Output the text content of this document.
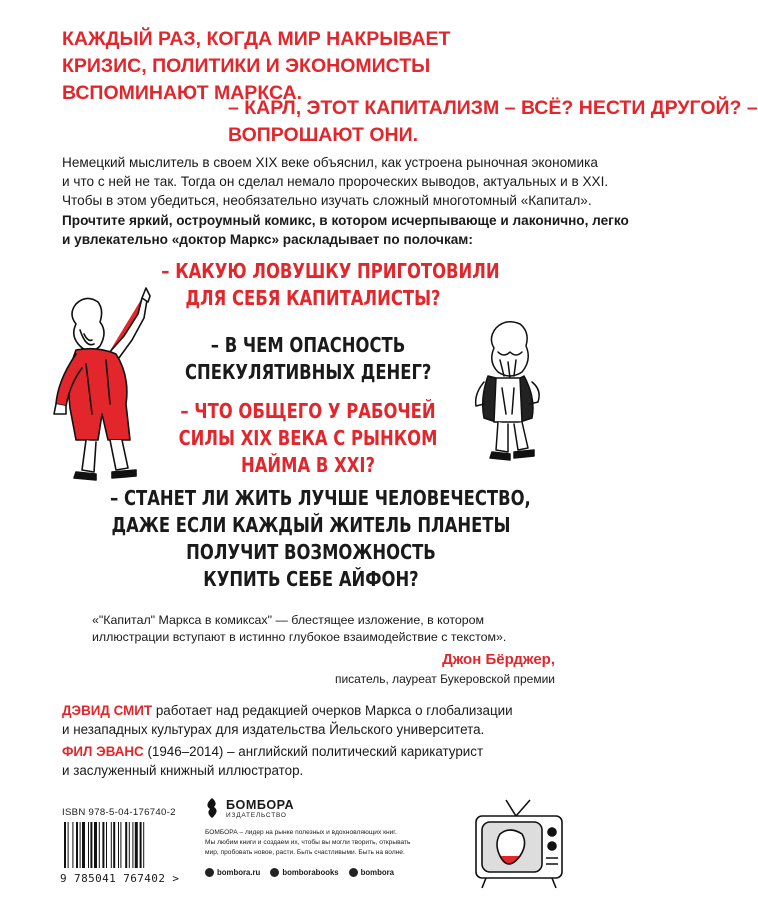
КАЖДЫЙ РАЗ, КОГДА МИР НАКРЫВАЕТ
КРИЗИС, ПОЛИТИКИ И ЭКОНОМИСТЫ
ВСПОМИНАЮТ МАРКСА.
– КАРЛ, ЭТОТ КАПИТАЛИЗМ – ВСЁ? НЕСТИ ДРУГОЙ? –
ВОПРОШАЮТ ОНИ.
Немецкий мыслитель в своем XIX веке объяснил, как устроена рыночная экономика
и что с ней не так. Тогда он сделал немало пророческих выводов, актуальных и в XXI.
Чтобы в этом убедиться, необязательно изучать сложный многотомный «Капитал».
Прочтите яркий, остроумный комикс, в котором исчерпывающе и лаконично, легко
и увлекательно «доктор Маркс» раскладывает по полочкам:
– КАКУЮ ЛОВУШКУ ПРИГОТОВИЛИ
ДЛЯ СЕБЯ КАПИТАЛИСТЫ?
– В ЧЕМ ОПАСНОСТЬ
СПЕКУЛЯТИВНЫХ ДЕНЕГ?
– ЧТО ОБЩЕГО У РАБОЧЕЙ
СИЛЫ XIX ВЕКА С РЫНКОМ
НАЙМА В XXI?
– СТАНЕТ ЛИ ЖИТЬ ЛУЧШЕ ЧЕЛОВЕЧЕСТВО,
ДАЖЕ ЕСЛИ КАЖДЫЙ ЖИТЕЛЬ ПЛАНЕТЫ
ПОЛУЧИТ ВОЗМОЖНОСТЬ
КУПИТЬ СЕБЕ АЙФОН?
«"Капитал" Маркса в комиксах" — блестящее изложение, в котором
иллюстрации вступают в истинно глубокое взаимодействие с текстом».
Джон Бёрджер,
писатель, лауреат Букеровской премии
ДЭВИД СМИТ работает над редакцией очерков Маркса о глобализации
и незападных культурах для издательства Йельского университета.
ФИЛ ЭВАНС (1946–2014) – английский политический карикатурист
и заслуженный книжный иллюстратор.
ISBN 978-5-04-176740-2
9 785041 767402 >
БОМБОРА
ИЗДАТЕЛЬСТВО
БОМБОРА – лидер на рынке полезных и вдохновляющих книг.
Мы любим книги и создаем их, чтобы вы могли творить, открывать
мир, пробовать новое, расти. Быть счастливыми. Быть на волне.
bombora.ru	bomborabooks	bombora
